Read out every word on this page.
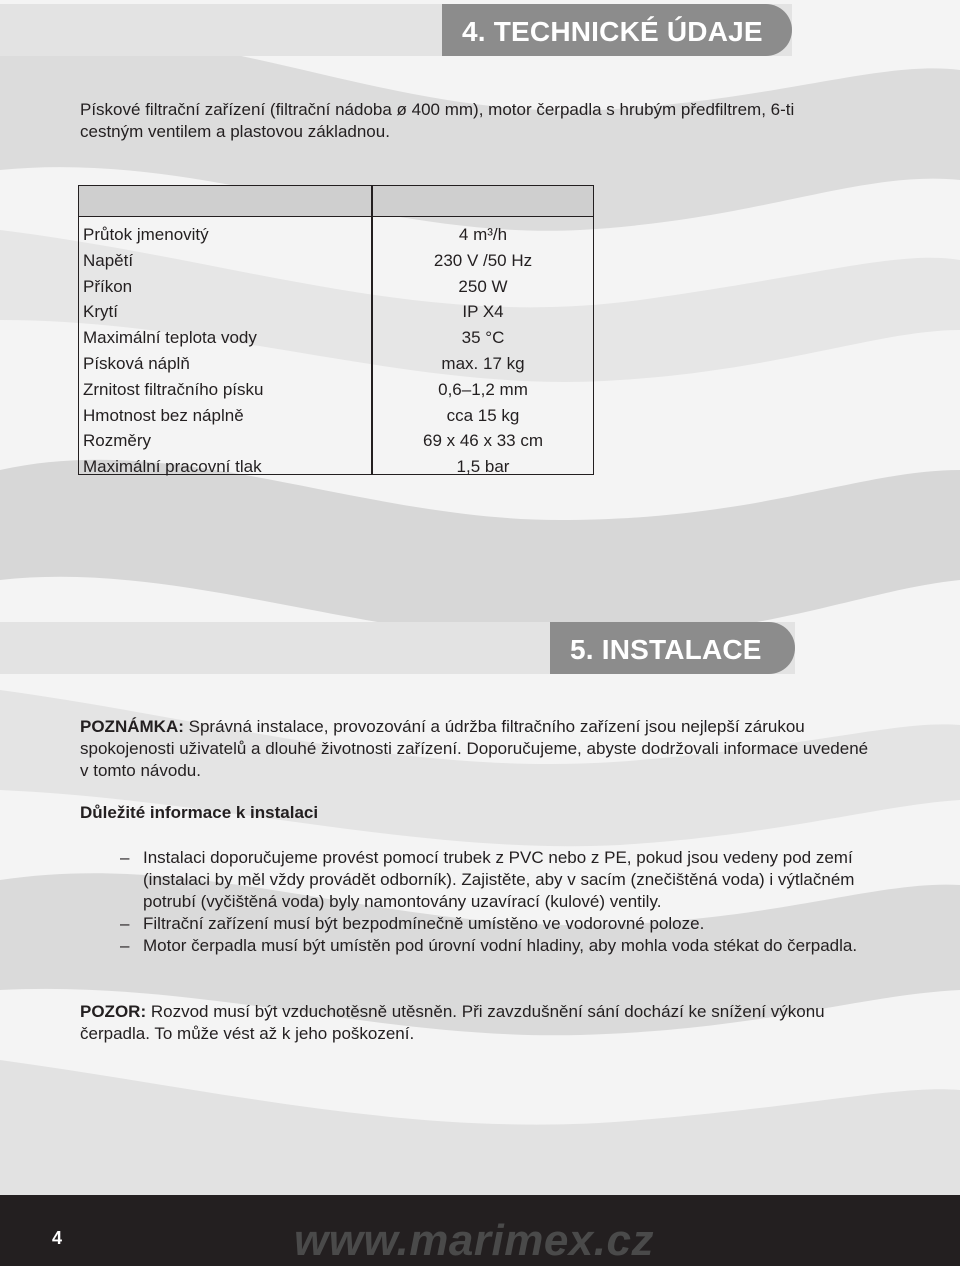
4. TECHNICKÉ ÚDAJE
Pískové filtrační zařízení (filtrační nádoba ø 400 mm), motor čerpadla s hrubým předfiltrem, 6-ti cestným ventilem a plastovou základnou.
Průtok jmenovitý
Napětí
Příkon
Krytí
Maximální teplota vody
Písková náplň
Zrnitost filtračního písku
Hmotnost bez náplně
Rozměry
Maximální pracovní tlak
4 m³/h
230 V /50 Hz
250 W
IP X4
35 °C
max. 17 kg
0,6–1,2 mm
cca 15 kg
69 x 46 x 33 cm
1,5 bar
5. INSTALACE
POZNÁMKA: Správná instalace, provozování a údržba filtračního zařízení jsou nejlepší zárukou spokojenosti uživatelů a dlouhé životnosti zařízení. Doporučujeme, abyste dodržovali informace uvedené v tomto návodu.
Důležité informace k instalaci
– Instalaci doporučujeme provést pomocí trubek z PVC nebo z PE, pokud jsou vedeny pod zemí (instalaci by měl vždy provádět odborník). Zajistěte, aby v sacím (znečištěná voda) i výtlačném potrubí (vyčištěná voda) byly namontovány uzavírací (kulové) ventily.
– Filtrační zařízení musí být bezpodmínečně umístěno ve vodorovné poloze.
– Motor čerpadla musí být umístěn pod úrovní vodní hladiny, aby mohla voda stékat do čerpadla.
POZOR: Rozvod musí být vzduchotěsně utěsněn. Při zavzdušnění sání dochází ke snížení výkonu čerpadla. To může vést až k jeho poškození.
4	www.marimex.cz
